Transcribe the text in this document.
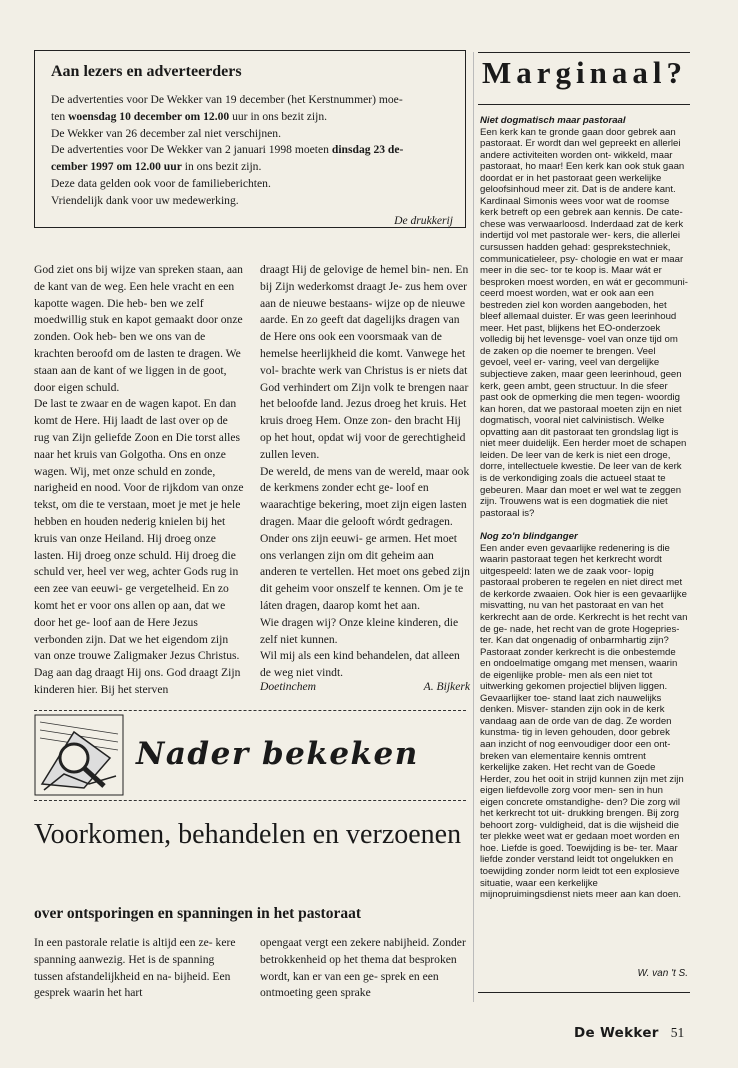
Aan lezers en adverteerders

De advertenties voor De Wekker van 19 december (het Kerstnummer) moe-
ten woensdag 10 december om 12.00 uur in ons bezit zijn.
De Wekker van 26 december zal niet verschijnen.
De advertenties voor De Wekker van 2 januari 1998 moeten dinsdag 23 de-
cember 1997 om 12.00 uur in ons bezit zijn.
Deze data gelden ook voor de familieberichten.
Vriendelijk dank voor uw medewerking.

De drukkerij

God ziet ons bij wijze van spreken staan, aan de kant van de weg. Een hele vracht en een kapotte wagen. Die heb- ben we zelf moedwillig stuk en kapot gemaakt door onze zonden. Ook heb- ben we ons van de krachten beroofd om de lasten te dragen. We staan aan de kant of we liggen in de goot, door eigen schuld.

De last te zwaar en de wagen kapot. En dan komt de Here. Hij laadt de last over op de rug van Zijn geliefde Zoon en Die torst alles naar het kruis van Golgotha. Ons en onze wagen. Wij, met onze schuld en zonde, narigheid en nood. Voor de rijkdom van onze tekst, om die te verstaan, moet je met je hele hebben en houden nederig knielen bij het kruis van onze Heiland. Hij droeg onze lasten. Hij droeg onze schuld. Hij droeg die schuld ver, heel ver weg, achter Gods rug in een zee van eeuwi- ge vergetelheid. En zo komt het er voor ons allen op aan, dat we door het ge- loof aan de Here Jezus verbonden zijn. Dat we het eigendom zijn van onze trouwe Zaligmaker Jezus Christus. Dag aan dag draagt Hij ons. God draagt Zijn kinderen hier. Bij het sterven

draagt Hij de gelovige de hemel bin- nen. En bij Zijn wederkomst draagt Je- zus hem over aan de nieuwe bestaans- wijze op de nieuwe aarde. En zo geeft dat dagelijks dragen van de Here ons ook een voorsmaak van de hemelse heerlijkheid die komt. Vanwege het vol- brachte werk van Christus is er niets dat God verhindert om Zijn volk te brengen naar het beloofde land. Jezus droeg het kruis. Het kruis droeg Hem. Onze zon- den bracht Hij op het hout, opdat wij voor de gerechtigheid zullen leven.

De wereld, de mens van de wereld, maar ook de kerkmens zonder echt ge- loof en waarachtige bekering, moet zijn eigen lasten dragen. Maar die gelooft wórdt gedragen. Onder ons zijn eeuwi- ge armen. Het moet ons verlangen zijn om dit geheim aan anderen te vertellen. Het moet ons gebed zijn dit geheim voor onszelf te kennen. Om je te láten dragen, daarop komt het aan.

Wie dragen wij? Onze kleine kinderen, die zelf niet kunnen.

Wil mij als een kind behandelen, dat alleen de weg niet vindt.

Doetinchem	A. Bijkerk
Nader bekeken
Voorkomen, behandelen en verzoenen
over ontsporingen en spanningen in het pastoraat
In een pastorale relatie is altijd een ze- kere spanning aanwezig. Het is de spanning tussen afstandelijkheid en na- bijheid. Een gesprek waarin het hart
opengaat vergt een zekere nabijheid. Zonder betrokkenheid op het thema dat besproken wordt, kan er van een ge- sprek en een ontmoeting geen sprake
Marginaal?
Niet dogmatisch maar pastoraal

Een kerk kan te gronde gaan door gebrek aan pastoraat. Er wordt dan wel gepreekt en allerlei andere activiteiten worden ont- wikkeld, maar pastoraat, ho maar! Een kerk kan ook stuk gaan doordat er in het pastoraat geen werkelijke geloofsinhoud meer zit. Dat is de andere kant. Kardinaal Simonis wees voor wat de roomse kerk betreft op een gebrek aan kennis. De cate- chese was verwaarloosd. Inderdaad zat de kerk indertijd vol met pastorale wer- kers, die allerlei cursussen hadden gehad: gesprekstechniek, communicatieleer, psy- chologie en wat er maar meer in die sec- tor te koop is. Maar wát er besproken moest worden, en wát er gecommuni- ceerd moest worden, wat er ook aan een bestreden ziel kon worden aangeboden, het bleef allemaal duister. Er was geen leerinhoud meer. Het past, blijkens het EO-onderzoek volledig bij het levensge- voel van onze tijd om de zaken op die noemer te brengen. Veel gevoel, veel er- varing, veel van dergelijke subjectieve zaken, maar geen leerinhoud, geen kerk, geen ambt, geen structuur. In die sfeer past ook de opmerking die men tegen- woordig kan horen, dat we pastoraal moeten zijn en niet dogmatisch, vooral niet calvinistisch. Welke opvatting aan dit pastoraat ten grondslag ligt is niet meer duidelijk. Een herder moet de schapen leiden. De leer van de kerk is niet een droge, dorre, intellectuele kwestie. De leer van de kerk is de verkondiging zoals die actueel staat te gebeuren. Maar dan moet er wel wat te zeggen zijn. Trouwens wat is een dogmatiek die niet pastoraal is?

Nog zo'n blindganger

Een ander even gevaarlijke redenering is die waarin pastoraat tegen het kerkrecht wordt uitgespeeld: laten we de zaak voor- lopig pastoraal proberen te regelen en niet direct met de kerkorde zwaaien. Ook hier is een gevaarlijke misvatting, nu van het pastoraat en van het kerkrecht aan de orde. Kerkrecht is het recht van de ge- nade, het recht van de grote Hogepries- ter. Kan dat ongenadig of onbarmhartig zijn? Pastoraat zonder kerkrecht is die onbestemde en ondoelmatige omgang met mensen, waarin de eigenlijke proble- men als een niet tot uitwerking gekomen projectiel blijven liggen. Gevaarlijker toe- stand laat zich nauwelijks denken. Misver- standen zijn ook in de kerk vandaag aan de orde van de dag. Ze worden kunstma- tig in leven gehouden, door gebrek aan inzicht of nog eenvoudiger door een ont- breken van elementaire kennis omtrent kerkelijke zaken. Het recht van de Goede Herder, zou het ooit in strijd kunnen zijn met zijn eigen liefdevolle zorg voor men- sen in hun eigen concrete omstandighe- den? Die zorg wil het kerkrecht tot uit- drukking brengen. Bij zorg behoort zorg- vuldigheid, dat is die wijsheid die ter plekke weet wat er gedaan moet worden en hoe. Liefde is goed. Toewijding is be- ter. Maar liefde zonder verstand leidt tot ongelukken en toewijding zonder norm leidt tot een explosieve situatie, waar een kerkelijke mijnopruimingsdienst niets meer aan kan doen.

W. van 't S.
De Wekker 51
